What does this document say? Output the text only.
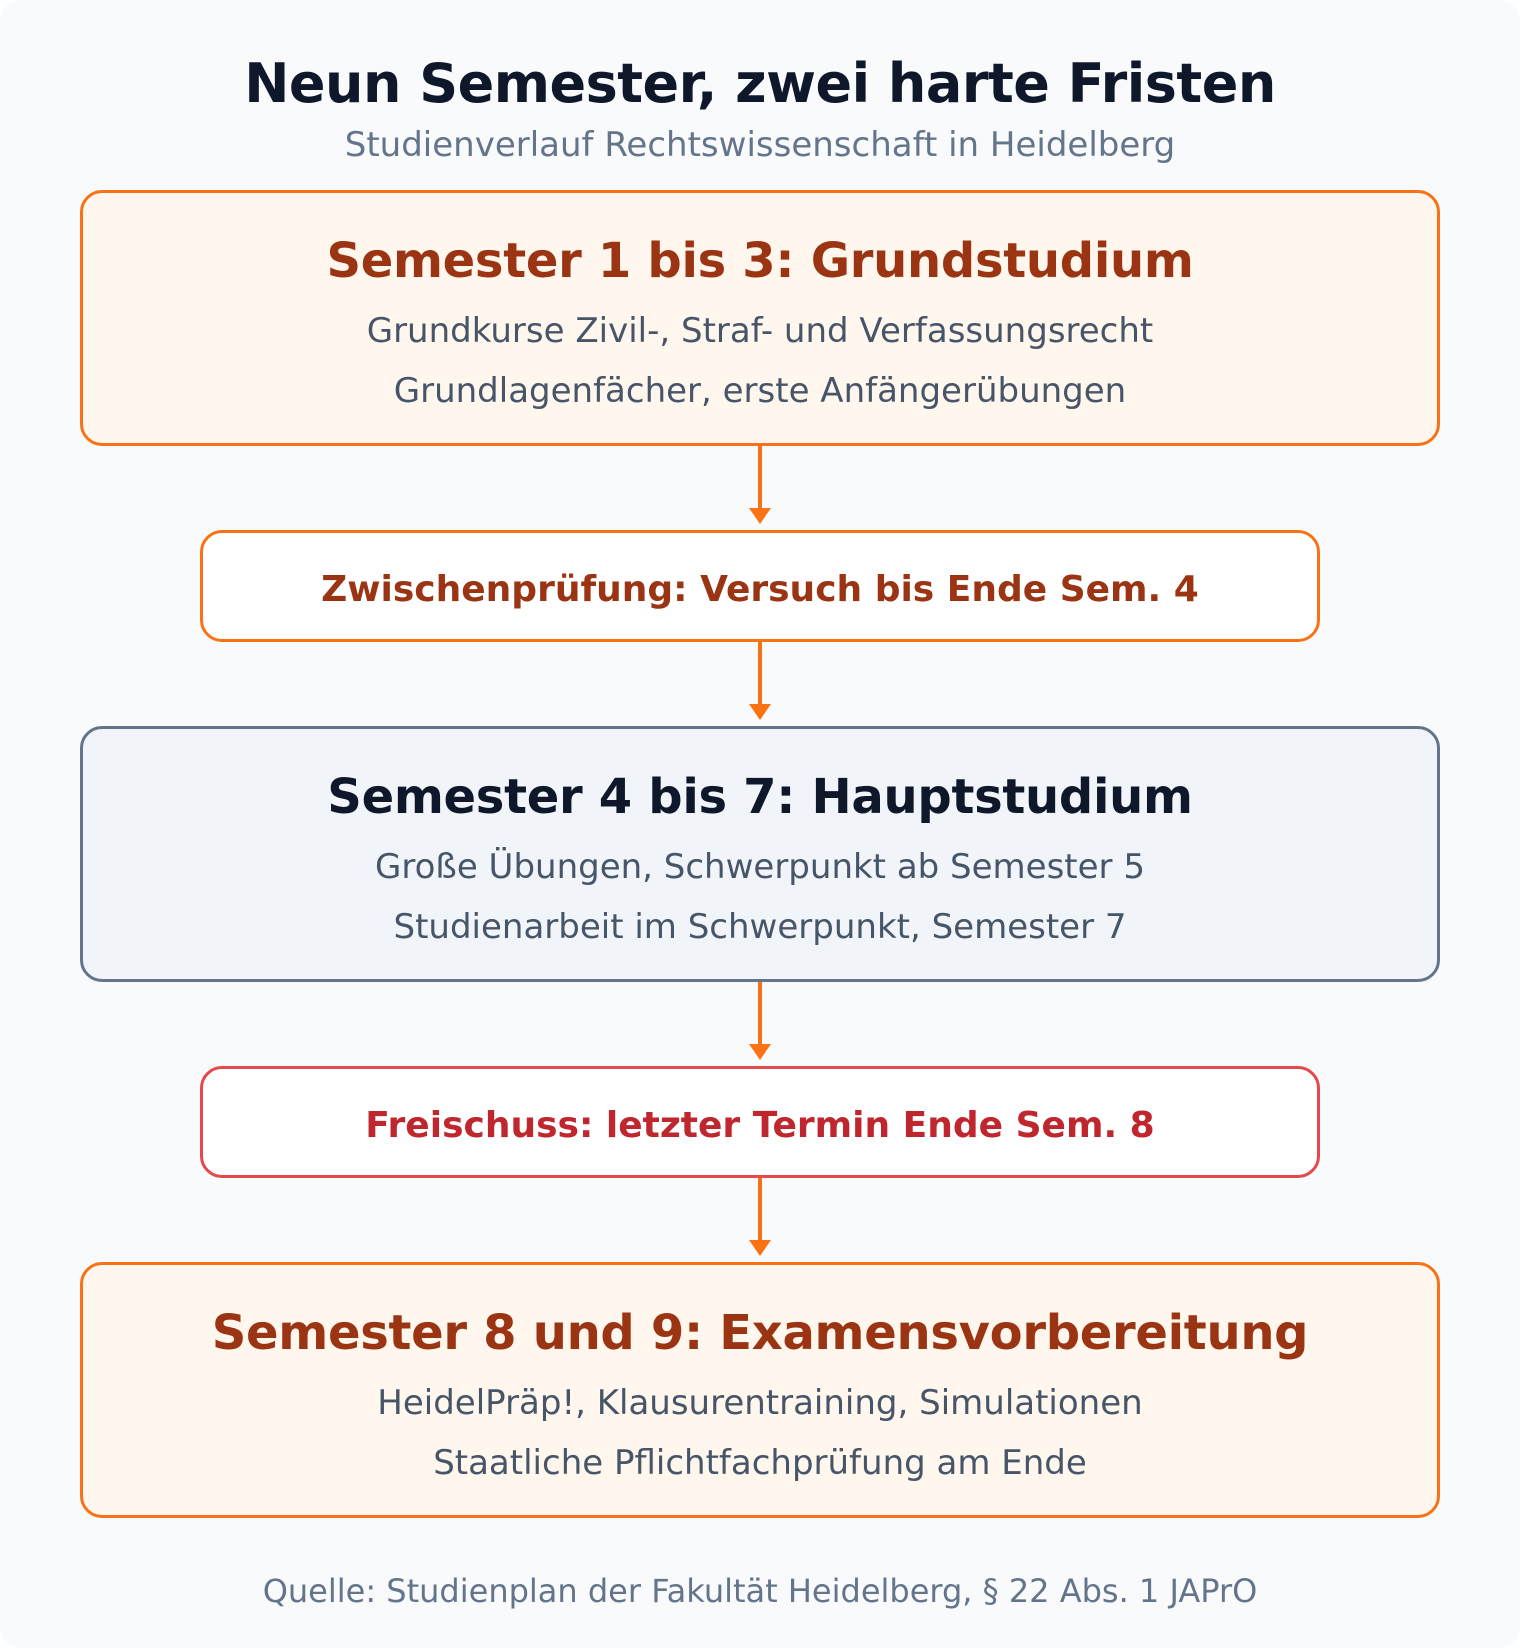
Neun Semester, zwei harte Fristen
Studienverlauf Rechtswissenschaft in Heidelberg
Semester 1 bis 3: Grundstudium
Grundkurse Zivil-, Straf- und Verfassungsrecht
Grundlagenfächer, erste Anfängerübungen
Zwischenprüfung: Versuch bis Ende Sem. 4
Semester 4 bis 7: Hauptstudium
Große Übungen, Schwerpunkt ab Semester 5
Studienarbeit im Schwerpunkt, Semester 7
Freischuss: letzter Termin Ende Sem. 8
Semester 8 und 9: Examensvorbereitung
HeidelPräp!, Klausurentraining, Simulationen
Staatliche Pflichtfachprüfung am Ende
Quelle: Studienplan der Fakultät Heidelberg, § 22 Abs. 1 JAPrO
